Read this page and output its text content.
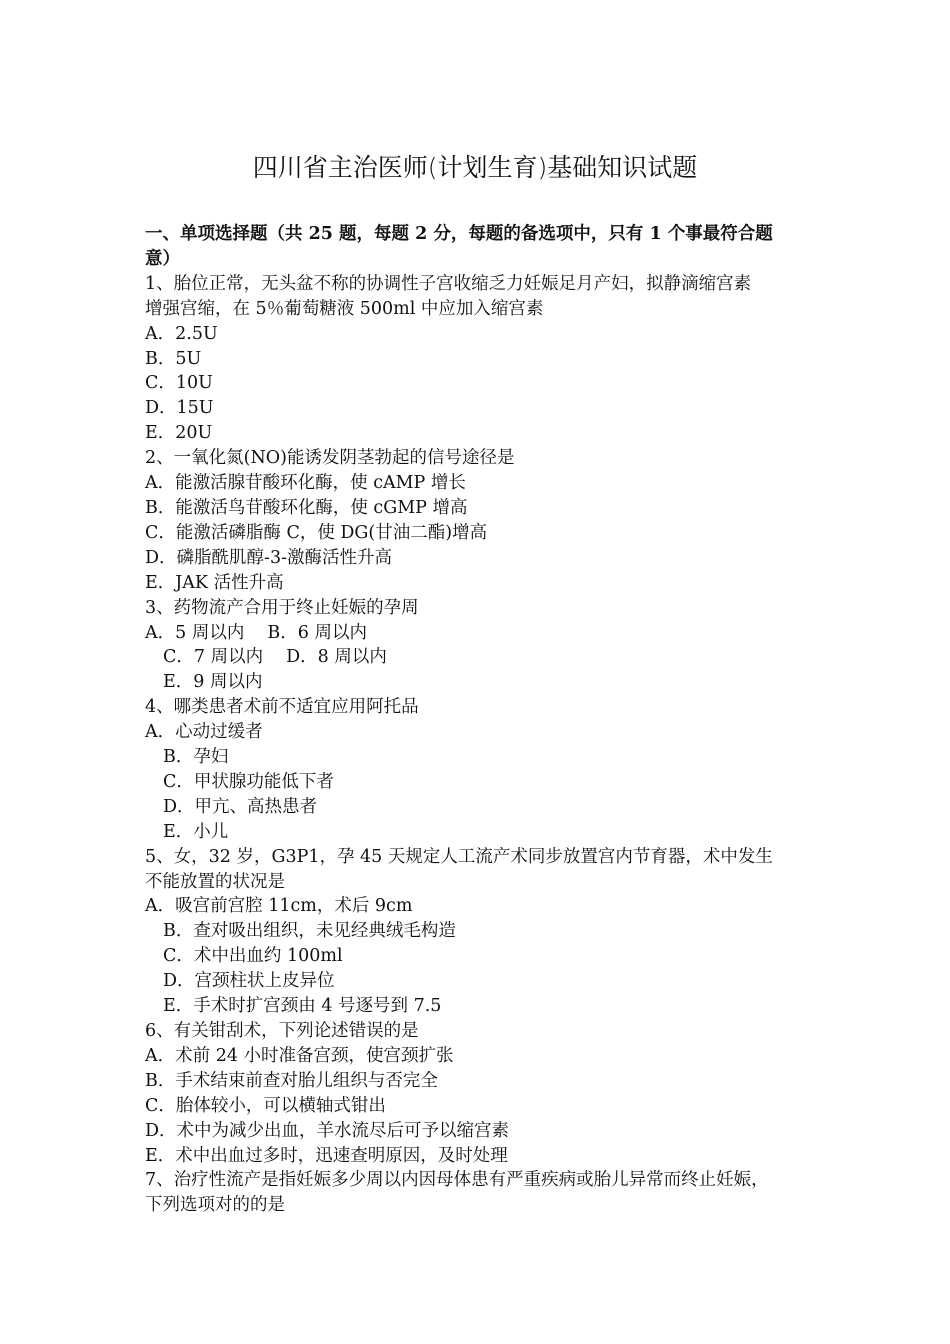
四川省主治医师(计划生育)基础知识试题
一、单项选择题（共 25 题，每题 2 分，每题的备选项中，只有 1 个事最符合题
意）
1、胎位正常，无头盆不称的协调性子宫收缩乏力妊娠足月产妇，拟静滴缩宫素
增强宫缩，在 5％葡萄糖液 500ml 中应加入缩宫素
A．2.5U
B．5U
C．10U
D．15U
E．20U
2、一氧化氮(NO)能诱发阴茎勃起的信号途径是
A．能激活腺苷酸环化酶，使 cAMP 增长
B．能激活鸟苷酸环化酶，使 cGMP 增高
C．能激活磷脂酶 C，使 DG(甘油二酯)增高
D．磷脂酰肌醇-3-激酶活性升高
E．JAK 活性升高
3、药物流产合用于终止妊娠的孕周
A．5 周以内　 B．6 周以内
C．7 周以内　 D．8 周以内
E．9 周以内
4、哪类患者术前不适宜应用阿托品
A．心动过缓者
B．孕妇
C．甲状腺功能低下者
D．甲亢、高热患者
E．小儿
5、女，32 岁，G3P1，孕 45 天规定人工流产术同步放置宫内节育器，术中发生
不能放置的状况是
A．吸宫前宫腔 11cm，术后 9cm
B．查对吸出组织，未见经典绒毛构造
C．术中出血约 100ml
D．宫颈柱状上皮异位
E．手术时扩宫颈由 4 号逐号到 7.5
6、有关钳刮术，下列论述错误的是
A．术前 24 小时准备宫颈，使宫颈扩张
B．手术结束前查对胎儿组织与否完全
C．胎体较小，可以横轴式钳出
D．术中为减少出血，羊水流尽后可予以缩宫素
E．术中出血过多时，迅速查明原因，及时处理
7、治疗性流产是指妊娠多少周以内因母体患有严重疾病或胎儿异常而终止妊娠，
下列选项对的的是
